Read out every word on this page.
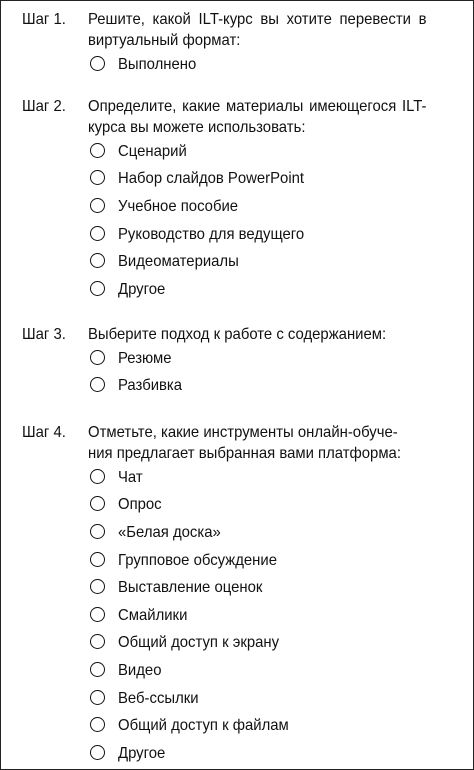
Шаг 1.	Решите, какой ILT-курс вы хотите перевести в виртуальный формат:
Выполнено
Шаг 2.	Определите, какие материалы имеющегося ILT-курса вы можете использовать:
Сценарий
Набор слайдов PowerPoint
Учебное пособие
Руководство для ведущего
Видеоматериалы
Другое
Шаг 3.	Выберите подход к работе с содержанием:
Резюме
Разбивка
Шаг 4.	Отметьте, какие инструменты онлайн-обуче-
ния предлагает выбранная вами платформа:
Чат
Опрос
«Белая доска»
Групповое обсуждение
Выставление оценок
Смайлики
Общий доступ к экрану
Видео
Веб-ссылки
Общий доступ к файлам
Другое
